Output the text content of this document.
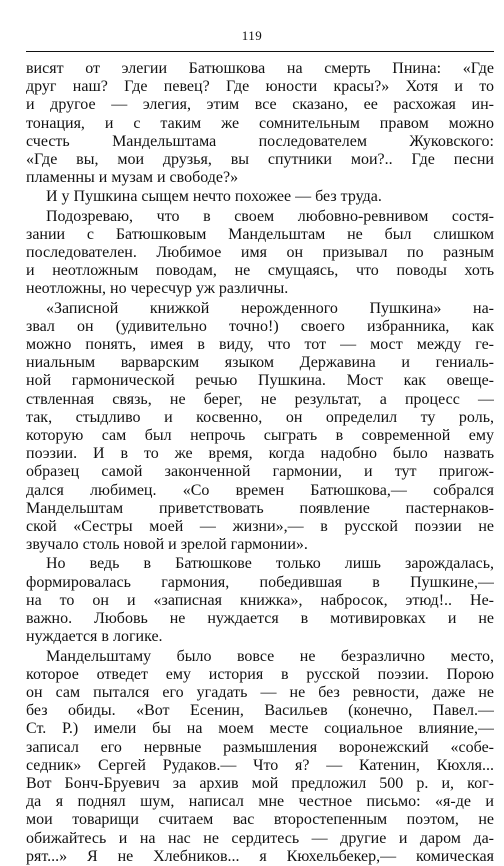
119
висят от элегии Батюшкова на смерть Пнина: «Где
друг наш? Где певец? Где юности красы?» Хотя и то
и другое — элегия, этим все сказано, ее расхожая ин-
тонация, и с таким же сомнительным правом можно
счесть Мандельштама последователем Жуковского:
«Где вы, мои друзья, вы спутники мои?.. Где песни
пламенны и музам и свободе?»
И у Пушкина сыщем нечто похожее — без труда.
Подозреваю, что в своем любовно-ревнивом состя-
зании с Батюшковым Мандельштам не был слишком
последователен. Любимое имя он призывал по разным
и неотложным поводам, не смущаясь, что поводы хоть
неотложны, но чересчур уж различны.
«Записной книжкой нерожденного Пушкина» на-
звал он (удивительно точно!) своего избранника, как
можно понять, имея в виду, что тот — мост между ге-
ниальным варварским языком Державина и гениаль-
ной гармонической речью Пушкина. Мост как овеще-
ствленная связь, не берег, не результат, а процесс —
так, стыдливо и косвенно, он определил ту роль,
которую сам был непрочь сыграть в современной ему
поэзии. И в то же время, когда надобно было назвать
образец самой законченной гармонии, и тут пригож-
дался любимец. «Со времен Батюшкова,— собрался
Мандельштам приветствовать появление пастернаков-
ской «Сестры моей — жизни»,— в русской поэзии не
звучало столь новой и зрелой гармонии».
Но ведь в Батюшкове только лишь зарождалась,
формировалась гармония, победившая в Пушкине,—
на то он и «записная книжка», набросок, этюд!.. Не-
важно. Любовь не нуждается в мотивировках и не
нуждается в логике.
Мандельштаму было вовсе не безразлично место,
которое отведет ему история в русской поэзии. Порою
он сам пытался его угадать — не без ревности, даже не
без обиды. «Вот Есенин, Васильев (конечно, Павел.—
Ст. Р.) имели бы на моем месте социальное влияние,—
записал его нервные размышления воронежский «собе-
седник» Сергей Рудаков.— Что я? — Катенин, Кюхля...
Вот Бонч-Бруевич за архив мой предложил 500 р. и, ког-
да я поднял шум, написал мне честное письмо: «я-де и
мои товарищи считаем вас второстепенным поэтом, не
обижайтесь и на нас не сердитесь — другие и даром да-
рят...» Я не Хлебников... я Кюхельбекер,— комическая
